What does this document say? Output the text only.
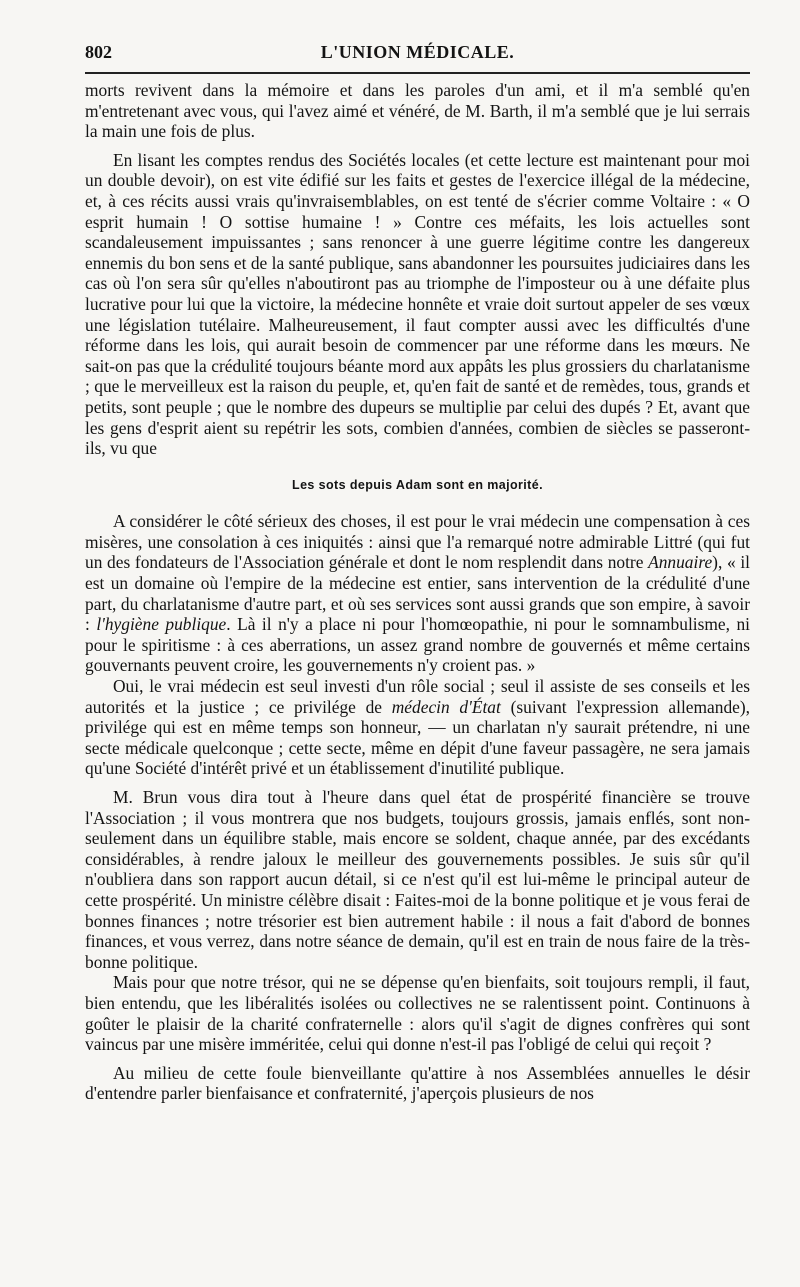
802	L'UNION MÉDICALE.

morts revivent dans la mémoire et dans les paroles d'un ami, et il m'a semblé qu'en m'entretenant avec vous, qui l'avez aimé et vénéré, de M. Barth, il m'a semblé que je lui serrais la main une fois de plus.

En lisant les comptes rendus des Sociétés locales (et cette lecture est maintenant pour moi un double devoir), on est vite édifié sur les faits et gestes de l'exercice illégal de la médecine, et, à ces récits aussi vrais qu'invraisemblables, on est tenté de s'écrier comme Voltaire : « O esprit humain ! O sottise humaine ! » Contre ces méfaits, les lois actuelles sont scandaleusement impuissantes ; sans renoncer à une guerre légitime contre les dangereux ennemis du bon sens et de la santé publique, sans abandonner les poursuites judiciaires dans les cas où l'on sera sûr qu'elles n'aboutiront pas au triomphe de l'imposteur ou à une défaite plus lucrative pour lui que la victoire, la médecine honnête et vraie doit surtout appeler de ses vœux une législation tutélaire. Malheureusement, il faut compter aussi avec les difficultés d'une réforme dans les lois, qui aurait besoin de commencer par une réforme dans les mœurs. Ne sait-on pas que la crédulité toujours béante mord aux appâts les plus grossiers du charlatanisme ; que le merveilleux est la raison du peuple, et, qu'en fait de santé et de remèdes, tous, grands et petits, sont peuple ; que le nombre des dupeurs se multiplie par celui des dupés ? Et, avant que les gens d'esprit aient su repétrir les sots, combien d'années, combien de siècles se passeront-ils, vu que

Les sots depuis Adam sont en majorité.

A considérer le côté sérieux des choses, il est pour le vrai médecin une compensation à ces misères, une consolation à ces iniquités : ainsi que l'a remarqué notre admirable Littré (qui fut un des fondateurs de l'Association générale et dont le nom resplendit dans notre Annuaire), « il est un domaine où l'empire de la médecine est entier, sans intervention de la crédulité d'une part, du charlatanisme d'autre part, et où ses services sont aussi grands que son empire, à savoir : l'hygiène publique. Là il n'y a place ni pour l'homœopathie, ni pour le somnambulisme, ni pour le spiritisme : à ces aberrations, un assez grand nombre de gouvernés et même certains gouvernants peuvent croire, les gouvernements n'y croient pas. »

Oui, le vrai médecin est seul investi d'un rôle social ; seul il assiste de ses conseils et les autorités et la justice ; ce privilége de médecin d'État (suivant l'expression allemande), privilége qui est en même temps son honneur, — un charlatan n'y saurait prétendre, ni une secte médicale quelconque ; cette secte, même en dépit d'une faveur passagère, ne sera jamais qu'une Société d'intérêt privé et un établissement d'inutilité publique.

M. Brun vous dira tout à l'heure dans quel état de prospérité financière se trouve l'Association ; il vous montrera que nos budgets, toujours grossis, jamais enflés, sont non-seulement dans un équilibre stable, mais encore se soldent, chaque année, par des excédants considérables, à rendre jaloux le meilleur des gouvernements possibles. Je suis sûr qu'il n'oubliera dans son rapport aucun détail, si ce n'est qu'il est lui-même le principal auteur de cette prospérité. Un ministre célèbre disait : Faites-moi de la bonne politique et je vous ferai de bonnes finances ; notre trésorier est bien autrement habile : il nous a fait d'abord de bonnes finances, et vous verrez, dans notre séance de demain, qu'il est en train de nous faire de la très-bonne politique.

Mais pour que notre trésor, qui ne se dépense qu'en bienfaits, soit toujours rempli, il faut, bien entendu, que les libéralités isolées ou collectives ne se ralentissent point. Continuons à goûter le plaisir de la charité confraternelle : alors qu'il s'agit de dignes confrères qui sont vaincus par une misère imméritée, celui qui donne n'est-il pas l'obligé de celui qui reçoit ?

Au milieu de cette foule bienveillante qu'attire à nos Assemblées annuelles le désir d'entendre parler bienfaisance et confraternité, j'aperçois plusieurs de nos
